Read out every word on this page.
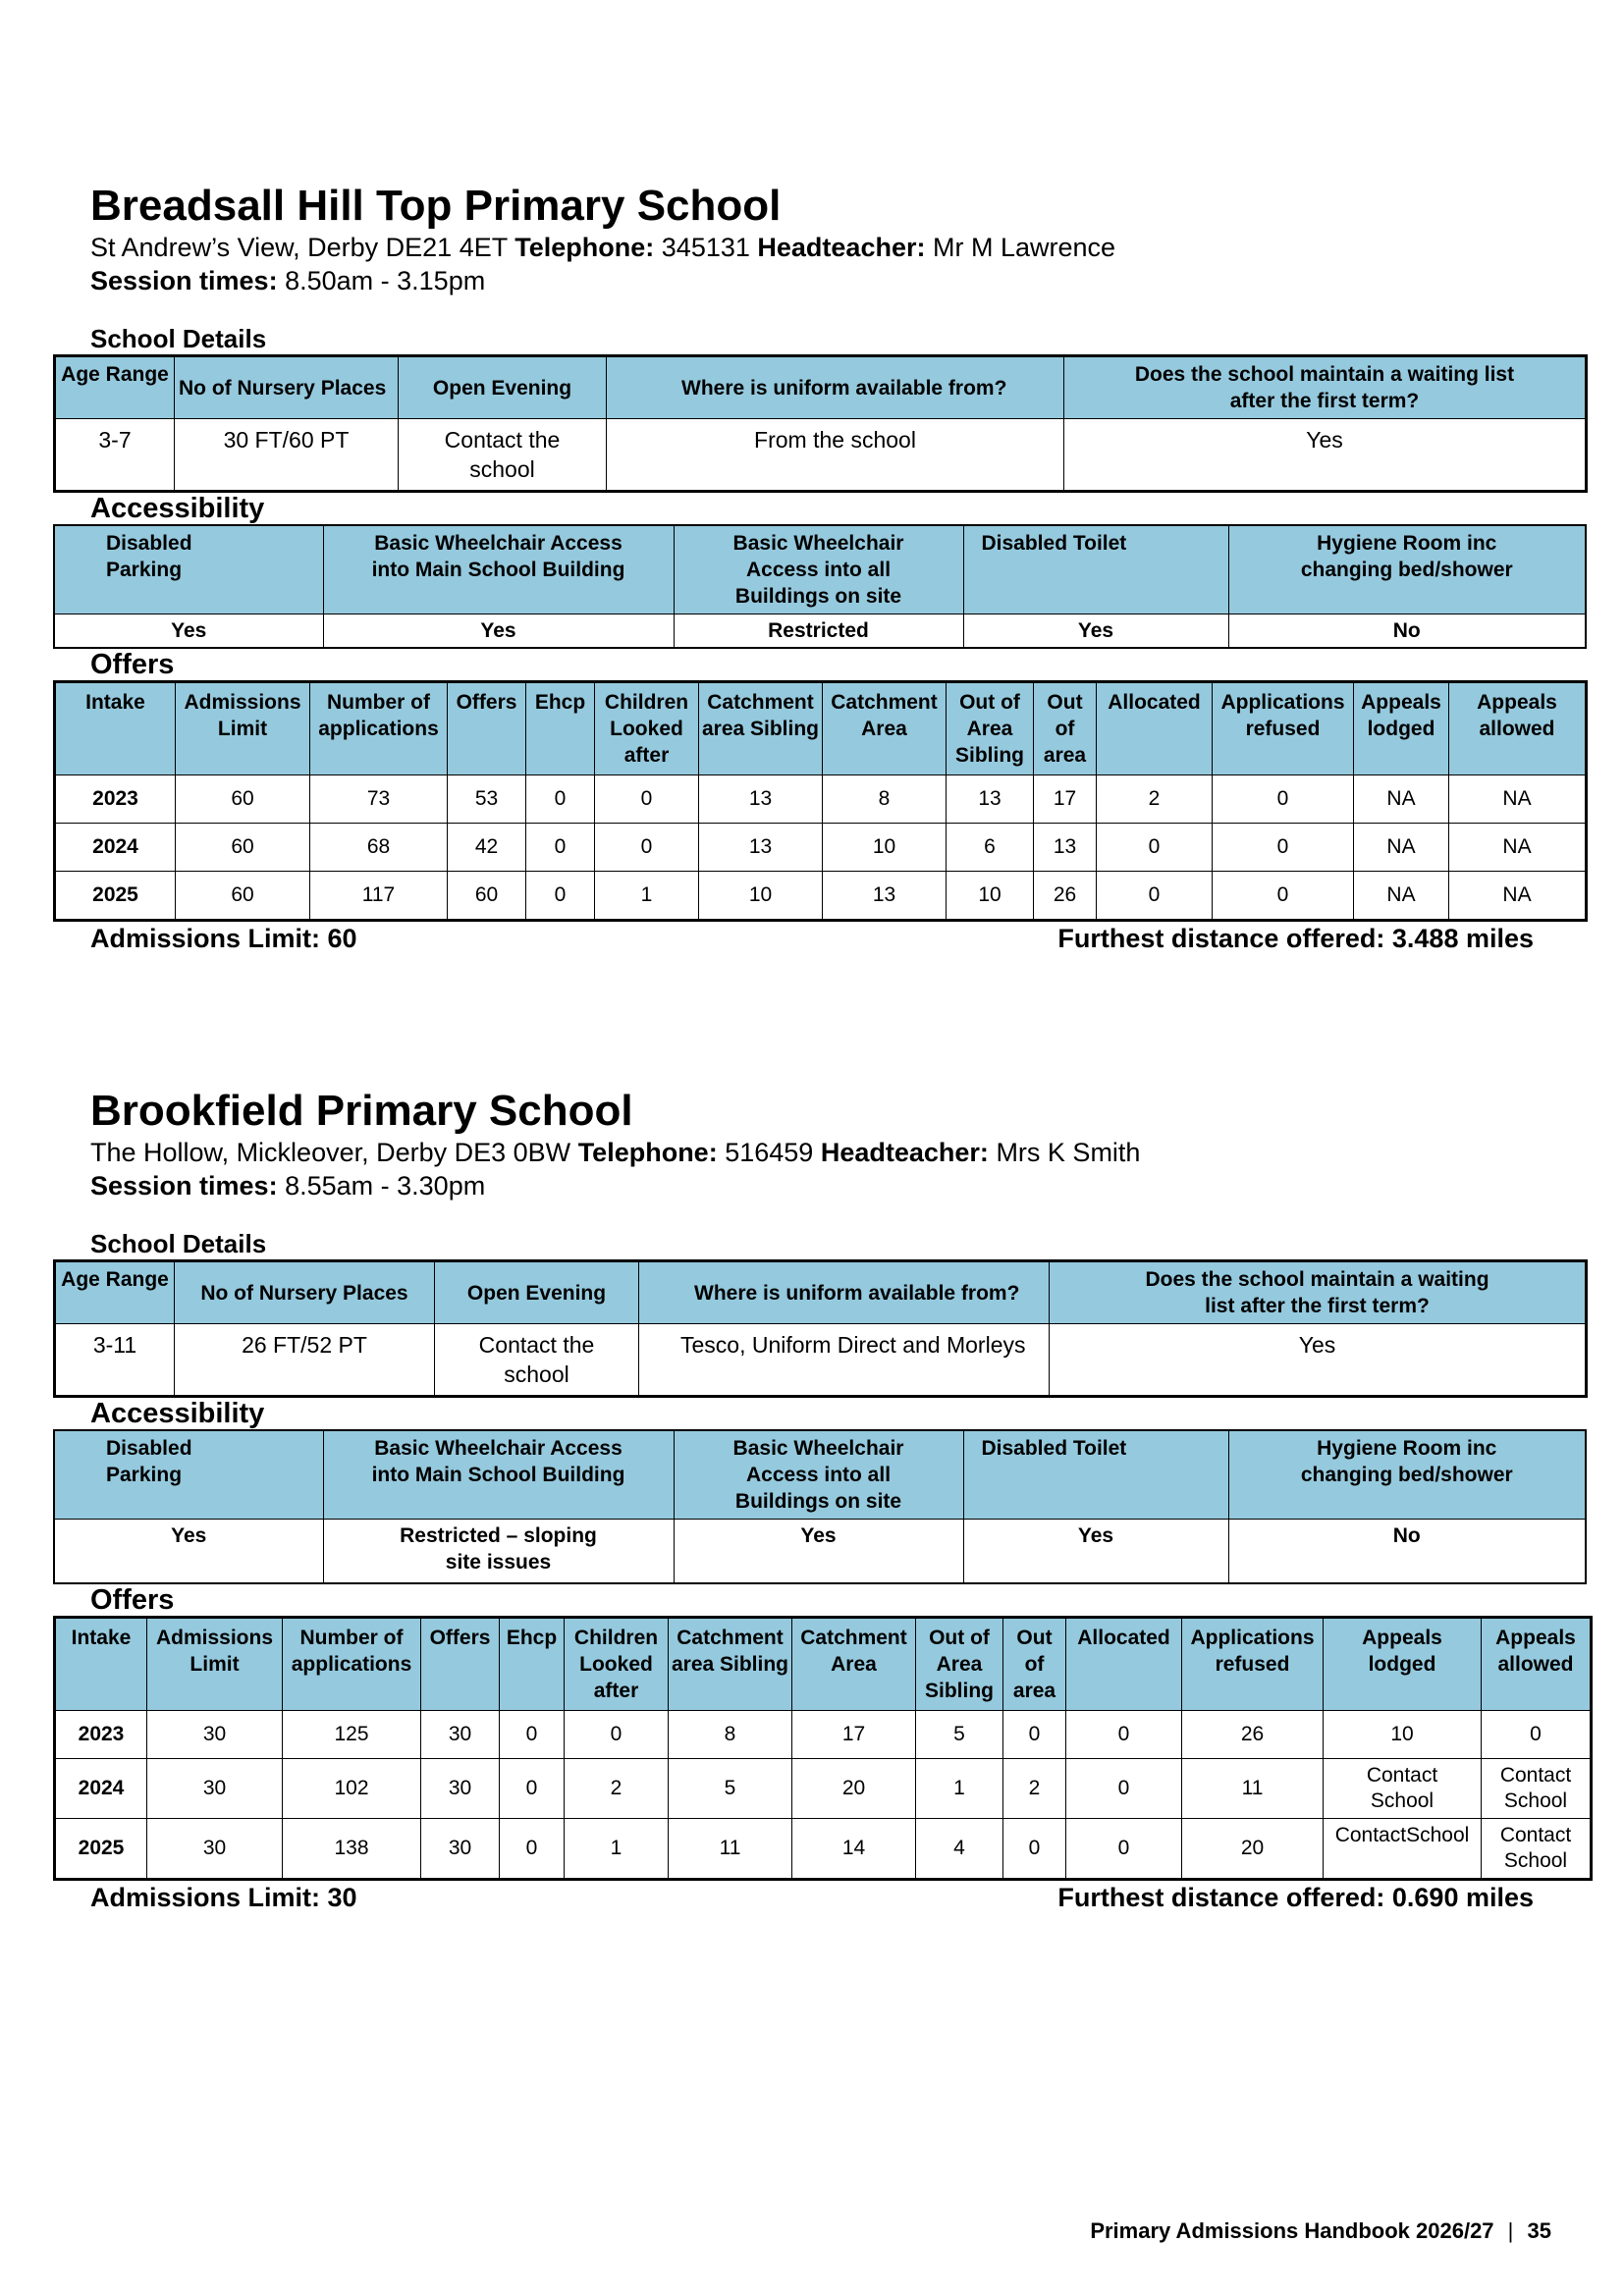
Breadsall Hill Top Primary School
St Andrew’s View, Derby DE21 4ET Telephone: 345131 Headteacher: Mr M Lawrence
Session times: 8.50am - 3.15pm
School Details
Age Range	No of Nursery Places	Open Evening	Where is uniform available from?	Does the school maintain a waiting list after the first term?
3-7	30 FT/60 PT	Contact the school	From the school	Yes
Accessibility
Disabled Parking	Basic Wheelchair Access into Main School Building	Basic Wheelchair Access into all Buildings on site	Disabled Toilet	Hygiene Room inc changing bed/shower
Yes	Yes	Restricted	Yes	No
Offers
Intake	Admissions Limit	Number of applications	Offers	Ehcp	Children Looked after	Catchment area Sibling	Catchment Area	Out of Area Sibling	Out of area	Allocated	Applications refused	Appeals lodged	Appeals allowed
2023	60	73	53	0	0	13	8	13	17	2	0	NA	NA
2024	60	68	42	0	0	13	10	6	13	0	0	NA	NA
2025	60	117	60	0	1	10	13	10	26	0	0	NA	NA
Admissions Limit: 60	Furthest distance offered: 3.488 miles
Brookfield Primary School
The Hollow, Mickleover, Derby DE3 0BW Telephone: 516459 Headteacher: Mrs K Smith
Session times: 8.55am - 3.30pm
School Details
Age Range	No of Nursery Places	Open Evening	Where is uniform available from?	Does the school maintain a waiting list after the first term?
3-11	26 FT/52 PT	Contact the school	Tesco, Uniform Direct and Morleys	Yes
Accessibility
Disabled Parking	Basic Wheelchair Access into Main School Building	Basic Wheelchair Access into all Buildings on site	Disabled Toilet	Hygiene Room inc changing bed/shower
Yes	Restricted – sloping site issues	Yes	Yes	No
Offers
Intake	Admissions Limit	Number of applications	Offers	Ehcp	Children Looked after	Catchment area Sibling	Catchment Area	Out of Area Sibling	Out of area	Allocated	Applications refused	Appeals lodged	Appeals allowed
2023	30	125	30	0	0	8	17	5	0	0	26	10	0
2024	30	102	30	0	2	5	20	1	2	0	11	Contact School	Contact School
2025	30	138	30	0	1	11	14	4	0	0	20	ContactSchool	Contact School
Admissions Limit: 30	Furthest distance offered: 0.690 miles
Primary Admissions Handbook 2026/27 | 35
